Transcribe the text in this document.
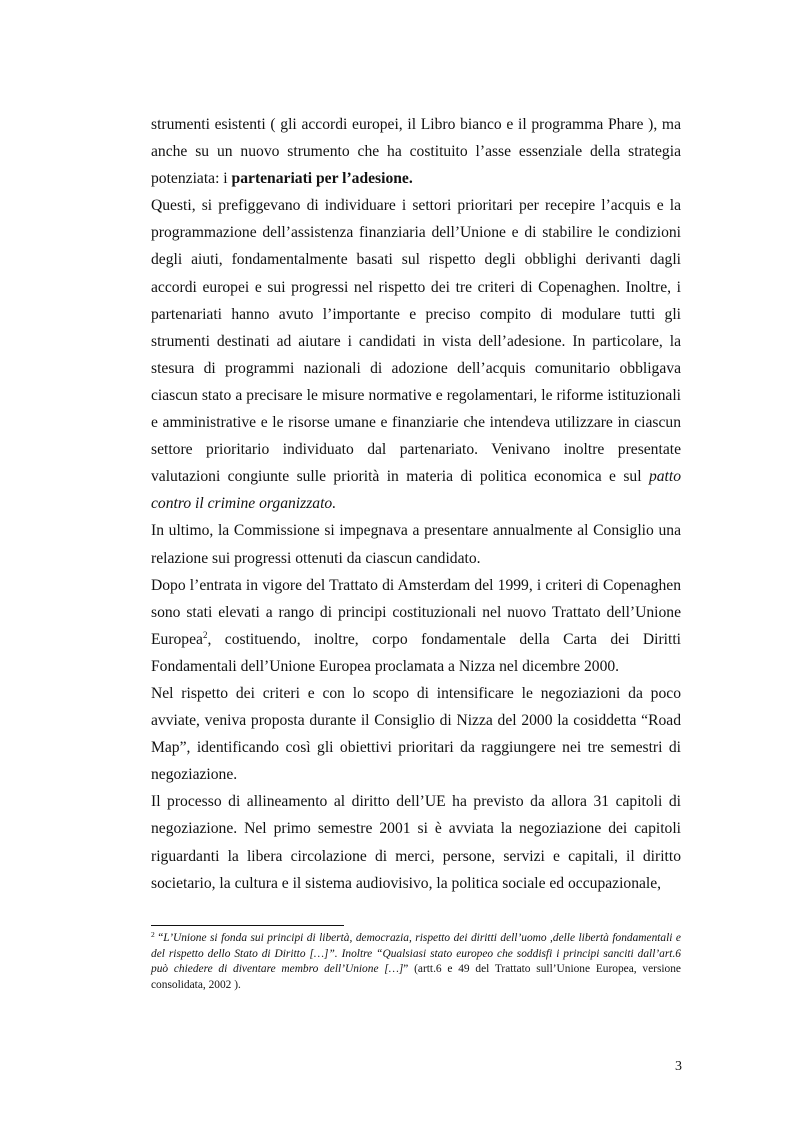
strumenti esistenti ( gli accordi europei, il Libro bianco e il programma Phare ), ma anche su un nuovo strumento che ha costituito l’asse essenziale della strategia potenziata: i partenariati per l’adesione.

Questi, si prefiggevano di individuare i settori prioritari per recepire l’acquis e la programmazione dell’assistenza finanziaria dell’Unione e di stabilire le condizioni degli aiuti, fondamentalmente basati sul rispetto degli obblighi derivanti dagli accordi europei e sui progressi nel rispetto dei tre criteri di Copenaghen. Inoltre, i partenariati hanno avuto l’importante e preciso compito di modulare tutti gli strumenti destinati ad aiutare i candidati in vista dell’adesione. In particolare, la stesura di programmi nazionali di adozione dell’acquis comunitario obbligava ciascun stato a precisare le misure normative e regolamentari, le riforme istituzionali e amministrative e le risorse umane e finanziarie che intendeva utilizzare in ciascun settore prioritario individuato dal partenariato. Venivano inoltre presentate valutazioni congiunte sulle priorità in materia di politica economica e sul patto contro il crimine organizzato.

In ultimo, la Commissione si impegnava a presentare annualmente al Consiglio una relazione sui progressi ottenuti da ciascun candidato.

Dopo l’entrata in vigore del Trattato di Amsterdam del 1999, i criteri di Copenaghen sono stati elevati a rango di principi costituzionali nel nuovo Trattato dell’Unione Europea$^2$, costituendo, inoltre, corpo fondamentale della Carta dei Diritti Fondamentali dell’Unione Europea proclamata a Nizza nel dicembre 2000.

Nel rispetto dei criteri e con lo scopo di intensificare le negoziazioni da poco avviate, veniva proposta durante il Consiglio di Nizza del 2000 la cosiddetta “Road Map”, identificando così gli obiettivi prioritari da raggiungere nei tre semestri di negoziazione.

Il processo di allineamento al diritto dell’UE ha previsto da allora 31 capitoli di negoziazione. Nel primo semestre 2001 si è avviata la negoziazione dei capitoli riguardanti la libera circolazione di merci, persone, servizi e capitali, il diritto societario, la cultura e il sistema audiovisivo, la politica sociale ed occupazionale,

$^2$ “L’Unione si fonda sui principi di libertà, democrazia, rispetto dei diritti dell’uomo ,delle libertà fondamentali e del rispetto dello Stato di Diritto […]”. Inoltre “Qualsiasi stato europeo che soddisfi i principi sanciti dall’art.6 può chiedere di diventare membro dell’Unione […]” (artt.6 e 49 del Trattato sull’Unione Europea, versione consolidata, 2002 ).
3
